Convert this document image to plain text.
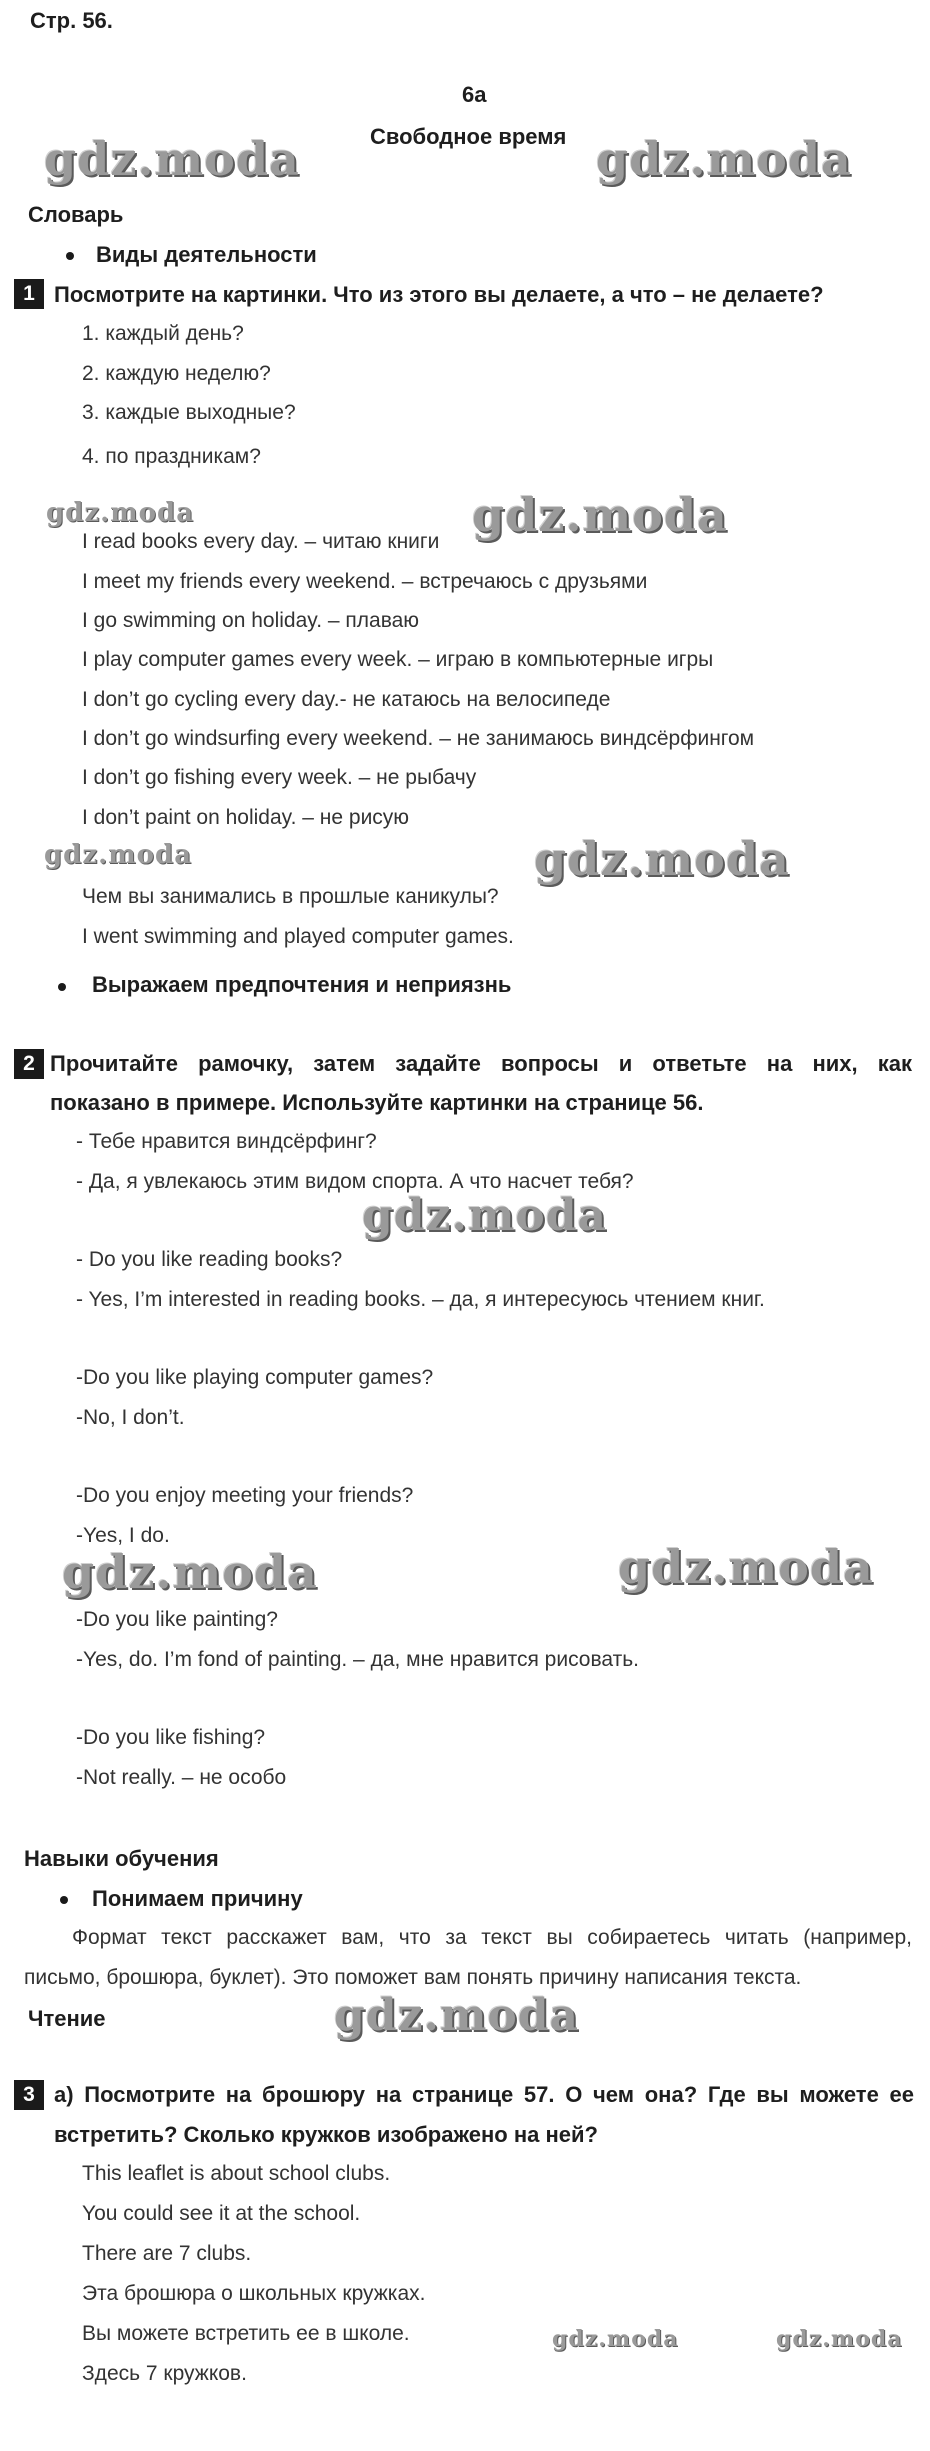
Стр. 56.
6a
Свободное время
gdz.moda	gdz.moda
Словарь
Виды деятельности
1 Посмотрите на картинки. Что из этого вы делаете, а что – не делаете?
1. каждый день?
2. каждую неделю?
3. каждые выходные?
4. по праздникам?
gdz.moda	gdz.moda
I read books every day. – читаю книги
I meet my friends every weekend. – встречаюсь с друзьями
I go swimming on holiday. – плаваю
I play computer games every week. – играю в компьютерные игры
I don’t go cycling every day.- не катаюсь на велосипеде
I don’t go windsurfing every weekend. – не занимаюсь виндсёрфингом
I don’t go fishing every week. – не рыбачу
I don’t paint on holiday. – не рисую
gdz.moda	gdz.moda
Чем вы занимались в прошлые каникулы?
I went swimming and played computer games.
Выражаем предпочтения и неприязнь
2 Прочитайте рамочку, затем задайте вопросы и ответьте на них, как
показано в примере. Используйте картинки на странице 56.
- Тебе нравится виндсёрфинг?
- Да, я увлекаюсь этим видом спорта. А что насчет тебя?
gdz.moda
- Do you like reading books?
- Yes, I’m interested in reading books. – да, я интересуюсь чтением книг.
-Do you like playing computer games?
-No, I don’t.
-Do you enjoy meeting your friends?
-Yes, I do.
gdz.moda	gdz.moda
-Do you like painting?
-Yes, do. I’m fond of painting. – да, мне нравится рисовать.
-Do you like fishing?
-Not really. – не особо
Навыки обучения
Понимаем причину
Формат текст расскажет вам, что за текст вы собираетесь читать (например,
письмо, брошюра, буклет). Это поможет вам понять причину написания текста.
Чтение	gdz.moda
3 a) Посмотрите на брошюру на странице 57. О чем она? Где вы можете ее
встретить? Сколько кружков изображено на ней?
This leaflet is about school clubs.
You could see it at the school.
There are 7 clubs.
Эта брошюра о школьных кружках.
Вы можете встретить ее в школе.
Здесь 7 кружков.
gdz.moda	gdz.moda
